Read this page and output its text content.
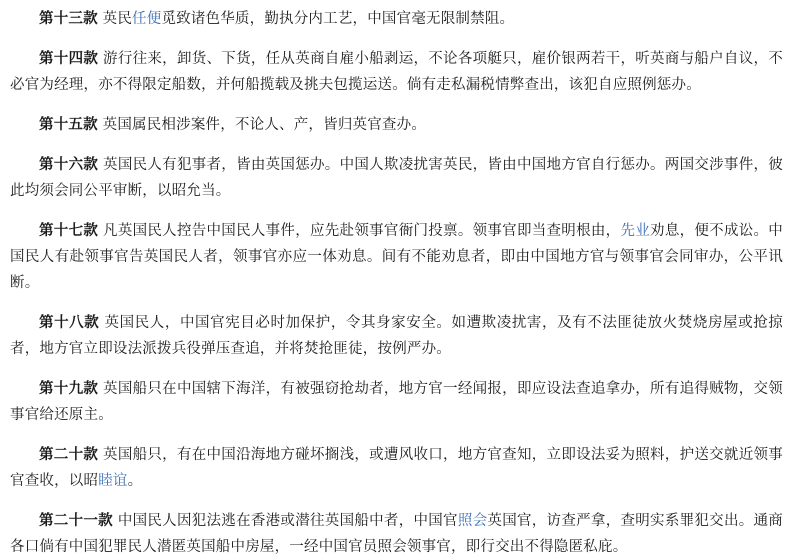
第十三款 英民任便觅致诸色华质，勤执分内工艺，中国官毫无限制禁阻。

第十四款 游行往来，卸货、下货，任从英商自雇小船剥运，不论各项艇只，雇价银两若干，听英商与船户自议，不必官为经理，亦不得限定船数，并何船揽载及挑夫包揽运送。倘有走私漏税情弊查出，该犯自应照例惩办。

第十五款 英国属民相涉案件，不论人、产，皆归英官查办。

第十六款 英国民人有犯事者，皆由英国惩办。中国人欺凌扰害英民，皆由中国地方官自行惩办。两国交涉事件，彼此均须会同公平审断，以昭允当。

第十七款 凡英国民人控告中国民人事件，应先赴领事官衙门投禀。领事官即当查明根由，先业劝息，便不成讼。中国民人有赴领事官告英国民人者，领事官亦应一体劝息。间有不能劝息者，即由中国地方官与领事官会同审办，公平讯断。

第十八款 英国民人，中国官宪目必时加保护，令其身家安全。如遭欺凌扰害，及有不法匪徒放火焚烧房屋或抢掠者，地方官立即设法派拨兵役弹压查追，并将焚抢匪徒，按例严办。

第十九款 英国船只在中国辖下海洋，有被强窃抢劫者，地方官一经闻报，即应设法查追拿办，所有追得贼物，交领事官给还原主。

第二十款 英国船只，有在中国沿海地方碰坏搁浅，或遭风收口，地方官查知，立即设法妥为照料，护送交就近领事官查收，以昭睦谊。

第二十一款 中国民人因犯法逃在香港或潜往英国船中者，中国官照会英国官，访查严拿，查明实系罪犯交出。通商各口倘有中国犯罪民人潜匿英国船中房屋，一经中国官员照会领事官，即行交出不得隐匿私庇。
